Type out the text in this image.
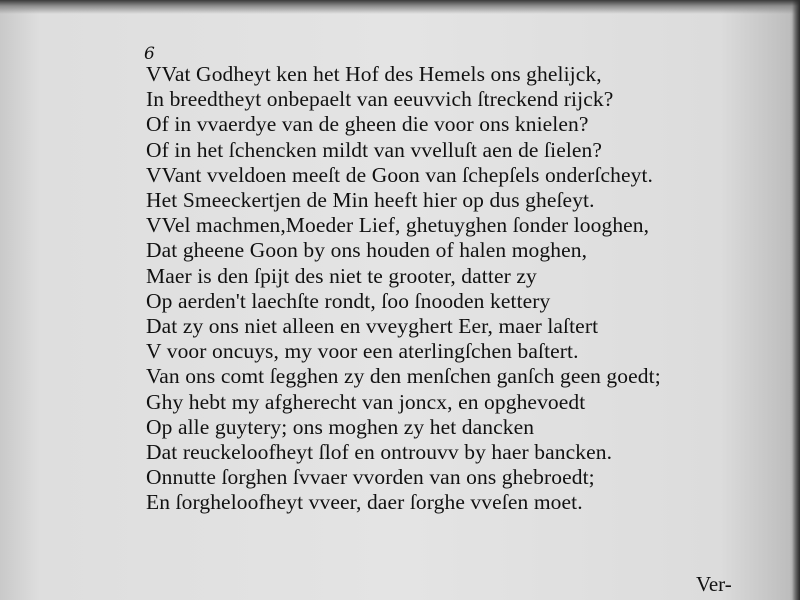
6

VVat Godheyt ken het Hof des Hemels ons ghelijck,
In breedtheyt onbepaelt van eeuvvich ſtreckend rijck?
Of in vvaerdye van de gheen die voor ons knielen?
Of in het ſchencken mildt van vvelluſt aen de ſielen?
VVant vveldoen meeſt de Goon van ſchepſels onderſcheyt.
Het Smeeckertjen de Min heeft hier op dus gheſeyt.
VVel machmen,Moeder Lief, ghetuyghen ſonder looghen,
Dat gheene Goon by ons houden of halen moghen,
Maer is den ſpijt des niet te grooter, datter zy
Op aerden't laechſte rondt, ſoo ſnooden kettery
Dat zy ons niet alleen en vveyghert Eer, maer laſtert
V voor oncuys, my voor een aterlingſchen baſtert.
Van ons comt ſegghen zy den menſchen ganſch geen goedt;
Ghy hebt my afgherecht van joncx, en opghevoedt
Op alle guytery; ons moghen zy het dancken
Dat reuckeloofheyt ſlof en ontrouvv by haer bancken.
Onnutte ſorghen ſvvaer vvorden van ons ghebroedt;
En ſorgheloofheyt vveer, daer ſorghe vveſen moet.

Ver-
